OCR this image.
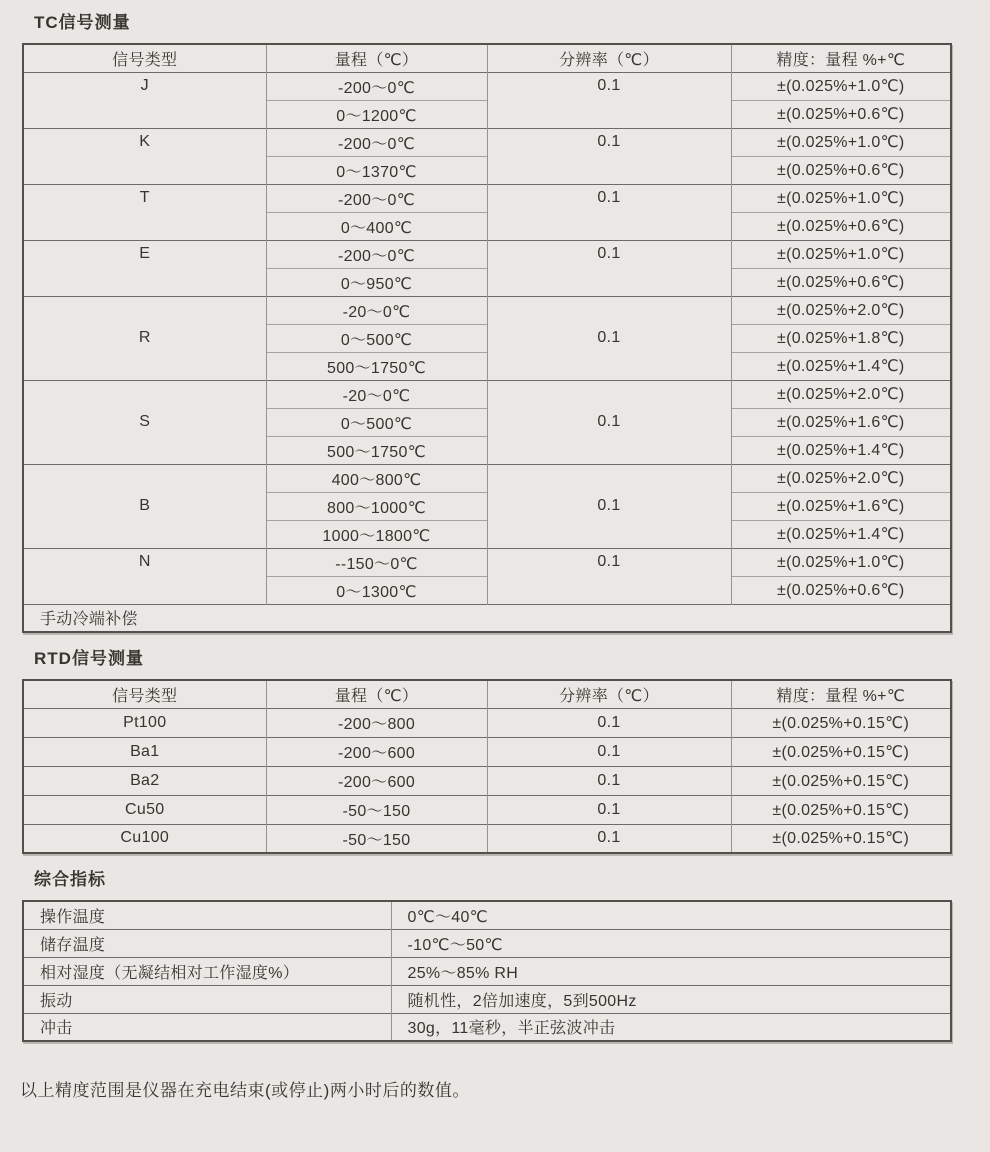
TC信号测量
信号类型	量程（℃）	分辨率（℃）	精度：量程 %+℃
J	-200～0℃	0.1	±(0.025%+1.0℃)
	0～1200℃		±(0.025%+0.6℃)
K	-200～0℃	0.1	±(0.025%+1.0℃)
	0～1370℃		±(0.025%+0.6℃)
T	-200～0℃	0.1	±(0.025%+1.0℃)
	0～400℃		±(0.025%+0.6℃)
E	-200～0℃	0.1	±(0.025%+1.0℃)
	0～950℃		±(0.025%+0.6℃)
R	-20～0℃	0.1	±(0.025%+2.0℃)
	0～500℃		±(0.025%+1.8℃)
	500～1750℃		±(0.025%+1.4℃)
S	-20～0℃	0.1	±(0.025%+2.0℃)
	0～500℃		±(0.025%+1.6℃)
	500～1750℃		±(0.025%+1.4℃)
B	400～800℃	0.1	±(0.025%+2.0℃)
	800～1000℃		±(0.025%+1.6℃)
	1000～1800℃		±(0.025%+1.4℃)
N	--150～0℃	0.1	±(0.025%+1.0℃)
	0～1300℃		±(0.025%+0.6℃)
手动冷端补偿			
RTD信号测量
信号类型	量程（℃）	分辨率（℃）	精度：量程 %+℃
Pt100	-200～800	0.1	±(0.025%+0.15℃)
Ba1	-200～600	0.1	±(0.025%+0.15℃)
Ba2	-200～600	0.1	±(0.025%+0.15℃)
Cu50	-50～150	0.1	±(0.025%+0.15℃)
Cu100	-50～150	0.1	±(0.025%+0.15℃)
综合指标
操作温度	0℃～40℃
储存温度	-10℃～50℃
相对湿度（无凝结相对工作湿度%）	25%～85% RH
振动	随机性，2倍加速度，5到500Hz
冲击	30g，11毫秒，半正弦波冲击
以上精度范围是仪器在充电结束(或停止)两小时后的数值。
